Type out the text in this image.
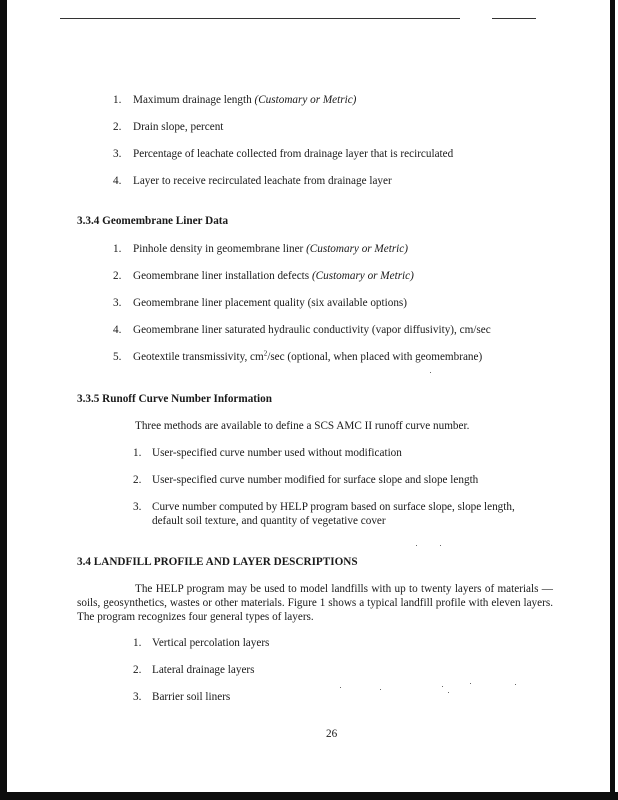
1. Maximum drainage length (Customary or Metric)
2. Drain slope, percent
3. Percentage of leachate collected from drainage layer that is recirculated
4. Layer to receive recirculated leachate from drainage layer
3.3.4 Geomembrane Liner Data
1. Pinhole density in geomembrane liner (Customary or Metric)
2. Geomembrane liner installation defects (Customary or Metric)
3. Geomembrane liner placement quality (six available options)
4. Geomembrane liner saturated hydraulic conductivity (vapor diffusivity), cm/sec
5. Geotextile transmissivity, $cm^2/\sec$ (optional, when placed with geomembrane)
3.3.5 Runoff Curve Number Information
Three methods are available to define a SCS AMC II runoff curve number.
1. User-specified curve number used without modification
2. User-specified curve number modified for surface slope and slope length
3. Curve number computed by HELP program based on surface slope, slope length,
default soil texture, and quantity of vegetative cover
3.4 LANDFILL PROFILE AND LAYER DESCRIPTIONS
The HELP program may be used to model landfills with up to twenty layers of materials — soils, geosynthetics, wastes or other materials. Figure 1 shows a typical landfill profile with eleven layers. The program recognizes four general types of layers.
1. Vertical percolation layers
2. Lateral drainage layers
3. Barrier soil liners
26
